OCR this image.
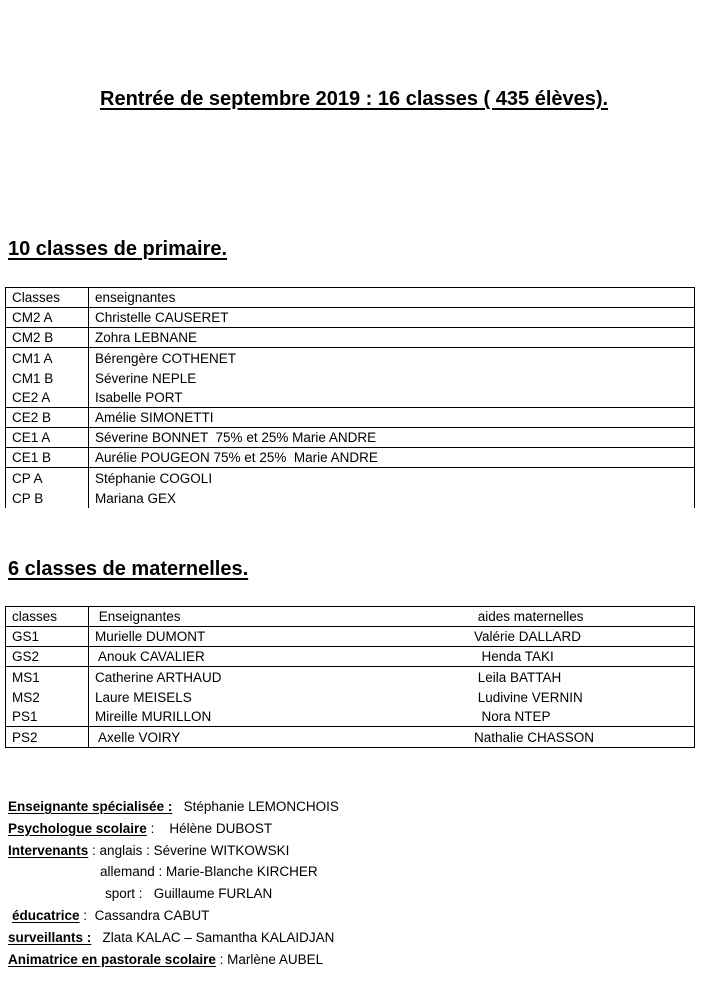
Rentrée de septembre 2019 : 16 classes ( 435 élèves).
10 classes de primaire.
Classes	enseignantes
CM2 A	Christelle CAUSERET
CM2 B	Zohra LEBNANE
CM1 A	Bérengère COTHENET
CM1 B	Séverine NEPLE
CE2 A	Isabelle PORT
CE2 B	Amélie SIMONETTI
CE1 A	Séverine BONNET  75% et 25% Marie ANDRE
CE1 B	Aurélie POUGEON 75% et 25%  Marie ANDRE
CP A	Stéphanie COGOLI
CP B	Mariana GEX
6 classes de maternelles.
classes	Enseignantes	aides maternelles
GS1	Murielle DUMONT	Valérie DALLARD
GS2	Anouk CAVALIER	Henda TAKI
MS1	Catherine ARTHAUD	Leila BATTAH
MS2	Laure MEISELS	Ludivine VERNIN
PS1	Mireille MURILLON	Nora NTEP
PS2	Axelle VOIRY	Nathalie CHASSON
Enseignante spécialisée :   Stéphanie LEMONCHOIS
Psychologue scolaire :    Hélène DUBOST
Intervenants : anglais : Séverine WITKOWSKI
allemand : Marie-Blanche KIRCHER
sport :   Guillaume FURLAN
éducatrice :  Cassandra CABUT
surveillants :   Zlata KALAC – Samantha KALAIDJAN
Animatrice en pastorale scolaire : Marlène AUBEL
